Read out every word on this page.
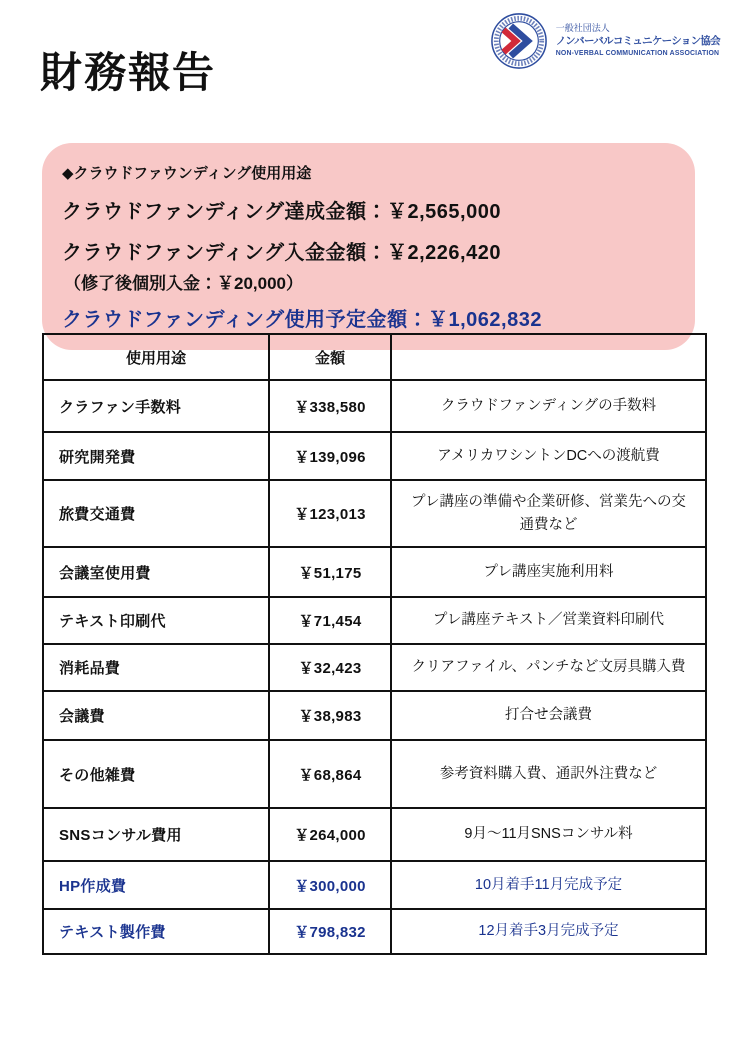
財務報告
一般社団法人
ノンバーバルコミュニケーション協会
NON-VERBAL COMMUNICATION ASSOCIATION
◆クラウドファウンディング使用用途
クラウドファンディング達成金額：￥2,565,000
クラウドファンディング入金金額：￥2,226,420
（修了後個別入金：￥20,000）
クラウドファンディング使用予定金額：￥1,062,832
使用用途	金額	
クラファン手数料	￥338,580	クラウドファンディングの手数料
研究開発費	￥139,096	アメリカワシントンDCへの渡航費
旅費交通費	￥123,013	プレ講座の準備や企業研修、営業先への交通費など
会議室使用費	￥51,175	プレ講座実施利用料
テキスト印刷代	￥71,454	プレ講座テキスト／営業資料印刷代
消耗品費	￥32,423	クリアファイル、パンチなど文房具購入費
会議費	￥38,983	打合せ会議費
その他雑費	￥68,864	参考資料購入費、通訳外注費など
SNSコンサル費用	￥264,000	9月～11月SNSコンサル料
HP作成費	￥300,000	10月着手11月完成予定
テキスト製作費	￥798,832	12月着手3月完成予定
